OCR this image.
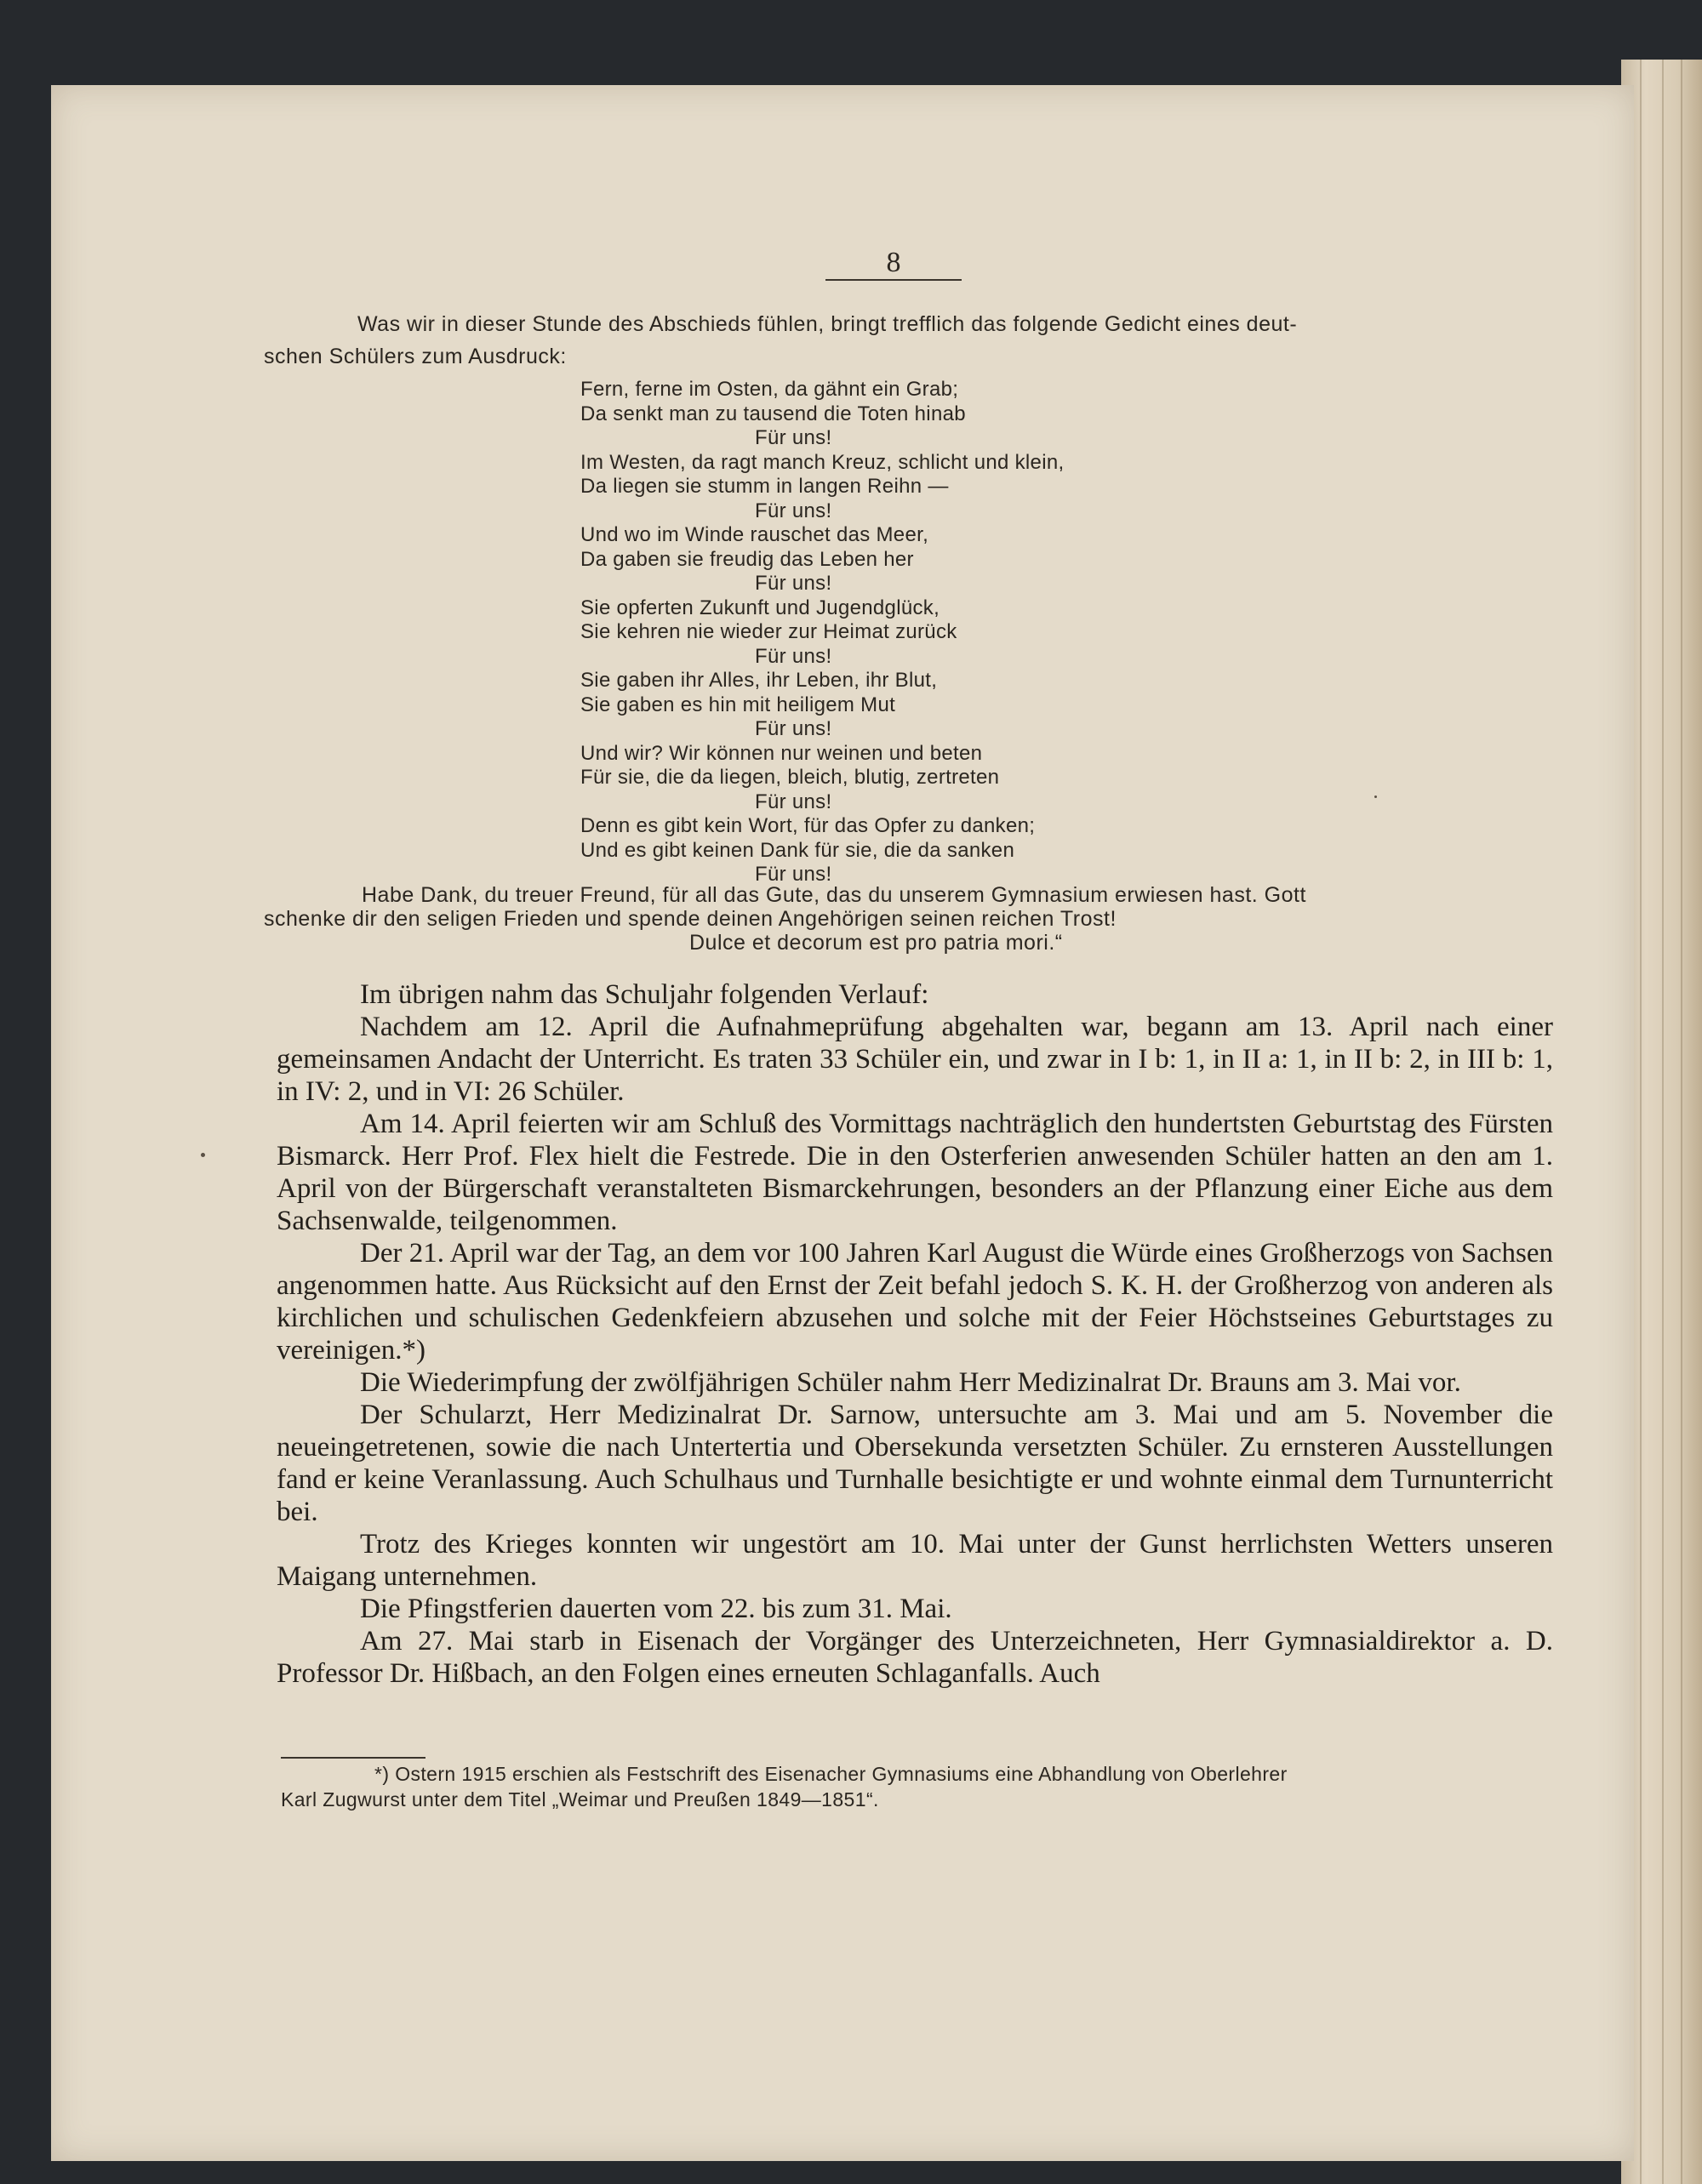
8
Was wir in dieser Stunde des Abschieds fühlen, bringt trefflich das folgende Gedicht eines deut-
schen Schülers zum Ausdruck:
Fern, ferne im Osten, da gähnt ein Grab;
Da senkt man zu tausend die Toten hinab
Für uns!
Im Westen, da ragt manch Kreuz, schlicht und klein,
Da liegen sie stumm in langen Reihn —
Für uns!
Und wo im Winde rauschet das Meer,
Da gaben sie freudig das Leben her
Für uns!
Sie opferten Zukunft und Jugendglück,
Sie kehren nie wieder zur Heimat zurück
Für uns!
Sie gaben ihr Alles, ihr Leben, ihr Blut,
Sie gaben es hin mit heiligem Mut
Für uns!
Und wir? Wir können nur weinen und beten
Für sie, die da liegen, bleich, blutig, zertreten
Für uns!
Denn es gibt kein Wort, für das Opfer zu danken;
Und es gibt keinen Dank für sie, die da sanken
Für uns!
Habe Dank, du treuer Freund, für all das Gute, das du unserem Gymnasium erwiesen hast. Gott
schenke dir den seligen Frieden und spende deinen Angehörigen seinen reichen Trost!
Dulce et decorum est pro patria mori.“

Im übrigen nahm das Schuljahr folgenden Verlauf:

Nachdem am 12. April die Aufnahmeprüfung abgehalten war, begann am 13. April nach einer gemeinsamen Andacht der Unterricht. Es traten 33 Schüler ein, und zwar in I b: 1, in II a: 1, in II b: 2, in III b: 1, in IV: 2, und in VI: 26 Schüler.

Am 14. April feierten wir am Schluß des Vormittags nachträglich den hundertsten Geburtstag des Fürsten Bismarck. Herr Prof. Flex hielt die Festrede. Die in den Osterferien anwesenden Schüler hatten an den am 1. April von der Bürgerschaft veranstalteten Bismarckehrungen, besonders an der Pflanzung einer Eiche aus dem Sachsenwalde, teilgenommen.

Der 21. April war der Tag, an dem vor 100 Jahren Karl August die Würde eines Großherzogs von Sachsen angenommen hatte. Aus Rücksicht auf den Ernst der Zeit befahl jedoch S. K. H. der Großherzog von anderen als kirchlichen und schulischen Gedenkfeiern abzusehen und solche mit der Feier Höchstseines Geburtstages zu vereinigen.*)

Die Wiederimpfung der zwölfjährigen Schüler nahm Herr Medizinalrat Dr. Brauns am 3. Mai vor.

Der Schularzt, Herr Medizinalrat Dr. Sarnow, untersuchte am 3. Mai und am 5. November die neueingetretenen, sowie die nach Untertertia und Obersekunda versetzten Schüler. Zu ernsteren Ausstellungen fand er keine Veranlassung. Auch Schulhaus und Turnhalle besichtigte er und wohnte einmal dem Turnunterricht bei.

Trotz des Krieges konnten wir ungestört am 10. Mai unter der Gunst herrlichsten Wetters unseren Maigang unternehmen.

Die Pfingstferien dauerten vom 22. bis zum 31. Mai.

Am 27. Mai starb in Eisenach der Vorgänger des Unterzeichneten, Herr Gymnasialdirektor a. D. Professor Dr. Hißbach, an den Folgen eines erneuten Schlaganfalls. Auch

*) Ostern 1915 erschien als Festschrift des Eisenacher Gymnasiums eine Abhandlung von Oberlehrer
Karl Zugwurst unter dem Titel „Weimar und Preußen 1849—1851“.
